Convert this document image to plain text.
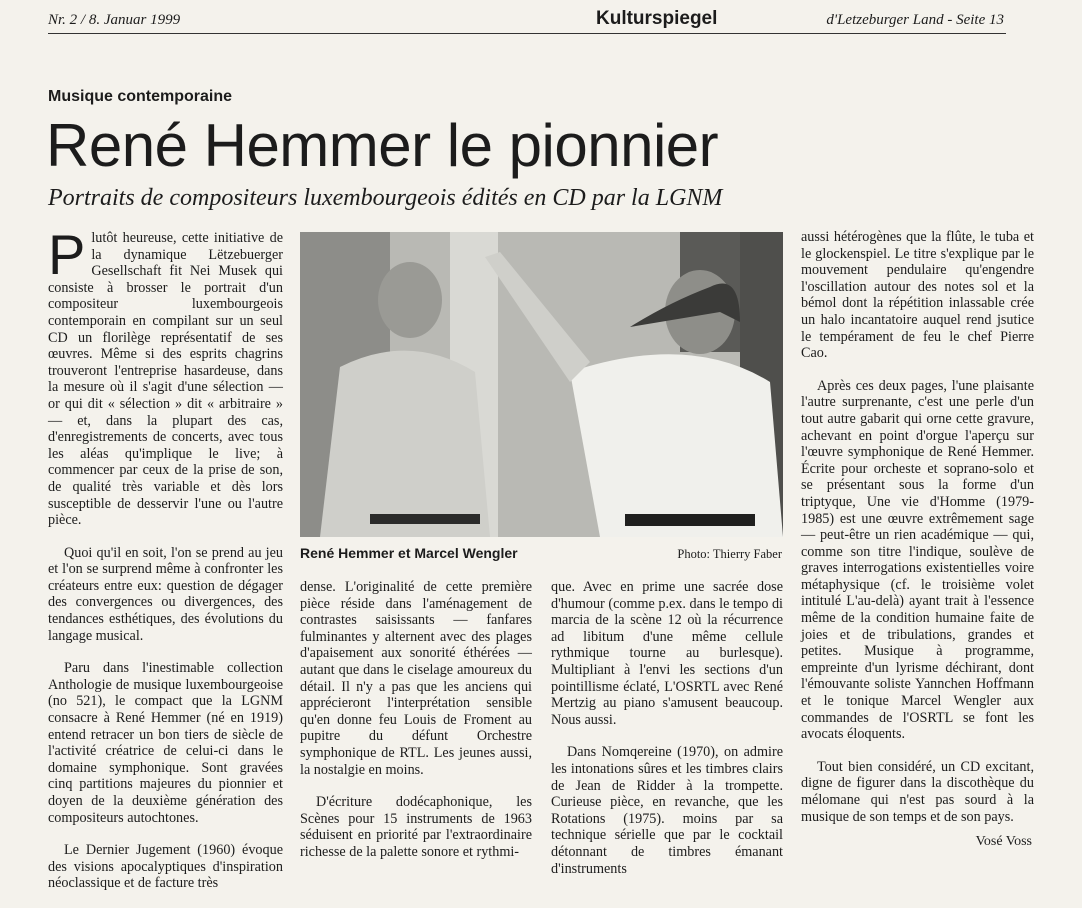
Nr. 2 / 8. Januar 1999	Kulturspiegel	d'Letzeburger Land - Seite 13
Musique contemporaine
René Hemmer le pionnier
Portraits de compositeurs luxembourgeois édités en CD par la LGNM

Plutôt heureuse, cette initiative de la dynamique Lëtzebuerger Gesellschaft fit Nei Musek qui consiste à brosser le portrait d'un compositeur luxembourgeois contemporain en compilant sur un seul CD un florilège représentatif de ses œuvres. Même si des esprits chagrins trouveront l'entreprise hasardeuse, dans la mesure où il s'agit d'une sélection — or qui dit « sélection » dit « arbitraire » — et, dans la plupart des cas, d'enregistrements de concerts, avec tous les aléas qu'implique le live; à commencer par ceux de la prise de son, de qualité très variable et dès lors susceptible de desservir l'une ou l'autre pièce.

Quoi qu'il en soit, l'on se prend au jeu et l'on se surprend même à confronter les créateurs entre eux: question de dégager des convergences ou divergences, des tendances esthétiques, des évolutions du langage musical.

Paru dans l'inestimable collection Anthologie de musique luxembourgeoise (no 521), le compact que la LGNM consacre à René Hemmer (né en 1919) entend retracer un bon tiers de siècle de l'activité créatrice de celui-ci dans le domaine symphonique. Sont gravées cinq partitions majeures du pionnier et doyen de la deuxième génération des compositeurs autochtones.

Le Dernier Jugement (1960) évoque des visions apocalyptiques d'inspiration néoclassique et de facture très

René Hemmer et Marcel Wengler	Photo: Thierry Faber

dense. L'originalité de cette première pièce réside dans l'aménagement de contrastes saisissants — fanfares fulminantes y alternent avec des plages d'apaisement aux sonorité éthérées — autant que dans le ciselage amoureux du détail. Il n'y a pas que les anciens qui apprécieront l'interprétation sensible qu'en donne feu Louis de Froment au pupitre du défunt Orchestre symphonique de RTL. Les jeunes aussi, la nostalgie en moins.

D'écriture dodécaphonique, les Scènes pour 15 instruments de 1963 séduisent en priorité par l'extraordinaire richesse de la palette sonore et rythmi-

que. Avec en prime une sacrée dose d'humour (comme p.ex. dans le tempo di marcia de la scène 12 où la récurrence ad libitum d'une même cellule rythmique tourne au burlesque). Multipliant à l'envi les sections d'un pointillisme éclaté, L'OSRTL avec René Mertzig au piano s'amusent beaucoup. Nous aussi.

Dans Nomqereine (1970), on admire les intonations sûres et les timbres clairs de Jean de Ridder à la trompette. Curieuse pièce, en revanche, que les Rotations (1975). moins par sa technique sérielle que par le cocktail détonnant de timbres émanant d'instruments

aussi hétérogènes que la flûte, le tuba et le glockenspiel. Le titre s'explique par le mouvement pendulaire qu'engendre l'oscillation autour des notes sol et la bémol dont la répétition inlassable crée un halo incantatoire auquel rend jsutice le tempérament de feu le chef Pierre Cao.

Après ces deux pages, l'une plaisante l'autre surprenante, c'est une perle d'un tout autre gabarit qui orne cette gravure, achevant en point d'orgue l'aperçu sur l'œuvre symphonique de René Hemmer. Écrite pour orcheste et soprano-solo et se présentant sous la forme d'un triptyque, Une vie d'Homme (1979-1985) est une œuvre extrêmement sage — peut-être un rien académique — qui, comme son titre l'indique, soulève de graves interrogations existentielles voire métaphysique (cf. le troisième volet intitulé L'au-delà) ayant trait à l'essence même de la condition humaine faite de joies et de tribulations, grandes et petites. Musique à programme, empreinte d'un lyrisme déchirant, dont l'émouvante soliste Yannchen Hoffmann et le tonique Marcel Wengler aux commandes de l'OSRTL se font les avocats éloquents.

Tout bien considéré, un CD excitant, digne de figurer dans la discothèque du mélomane qui n'est pas sourd à la musique de son temps et de son pays.

Vosé Voss
